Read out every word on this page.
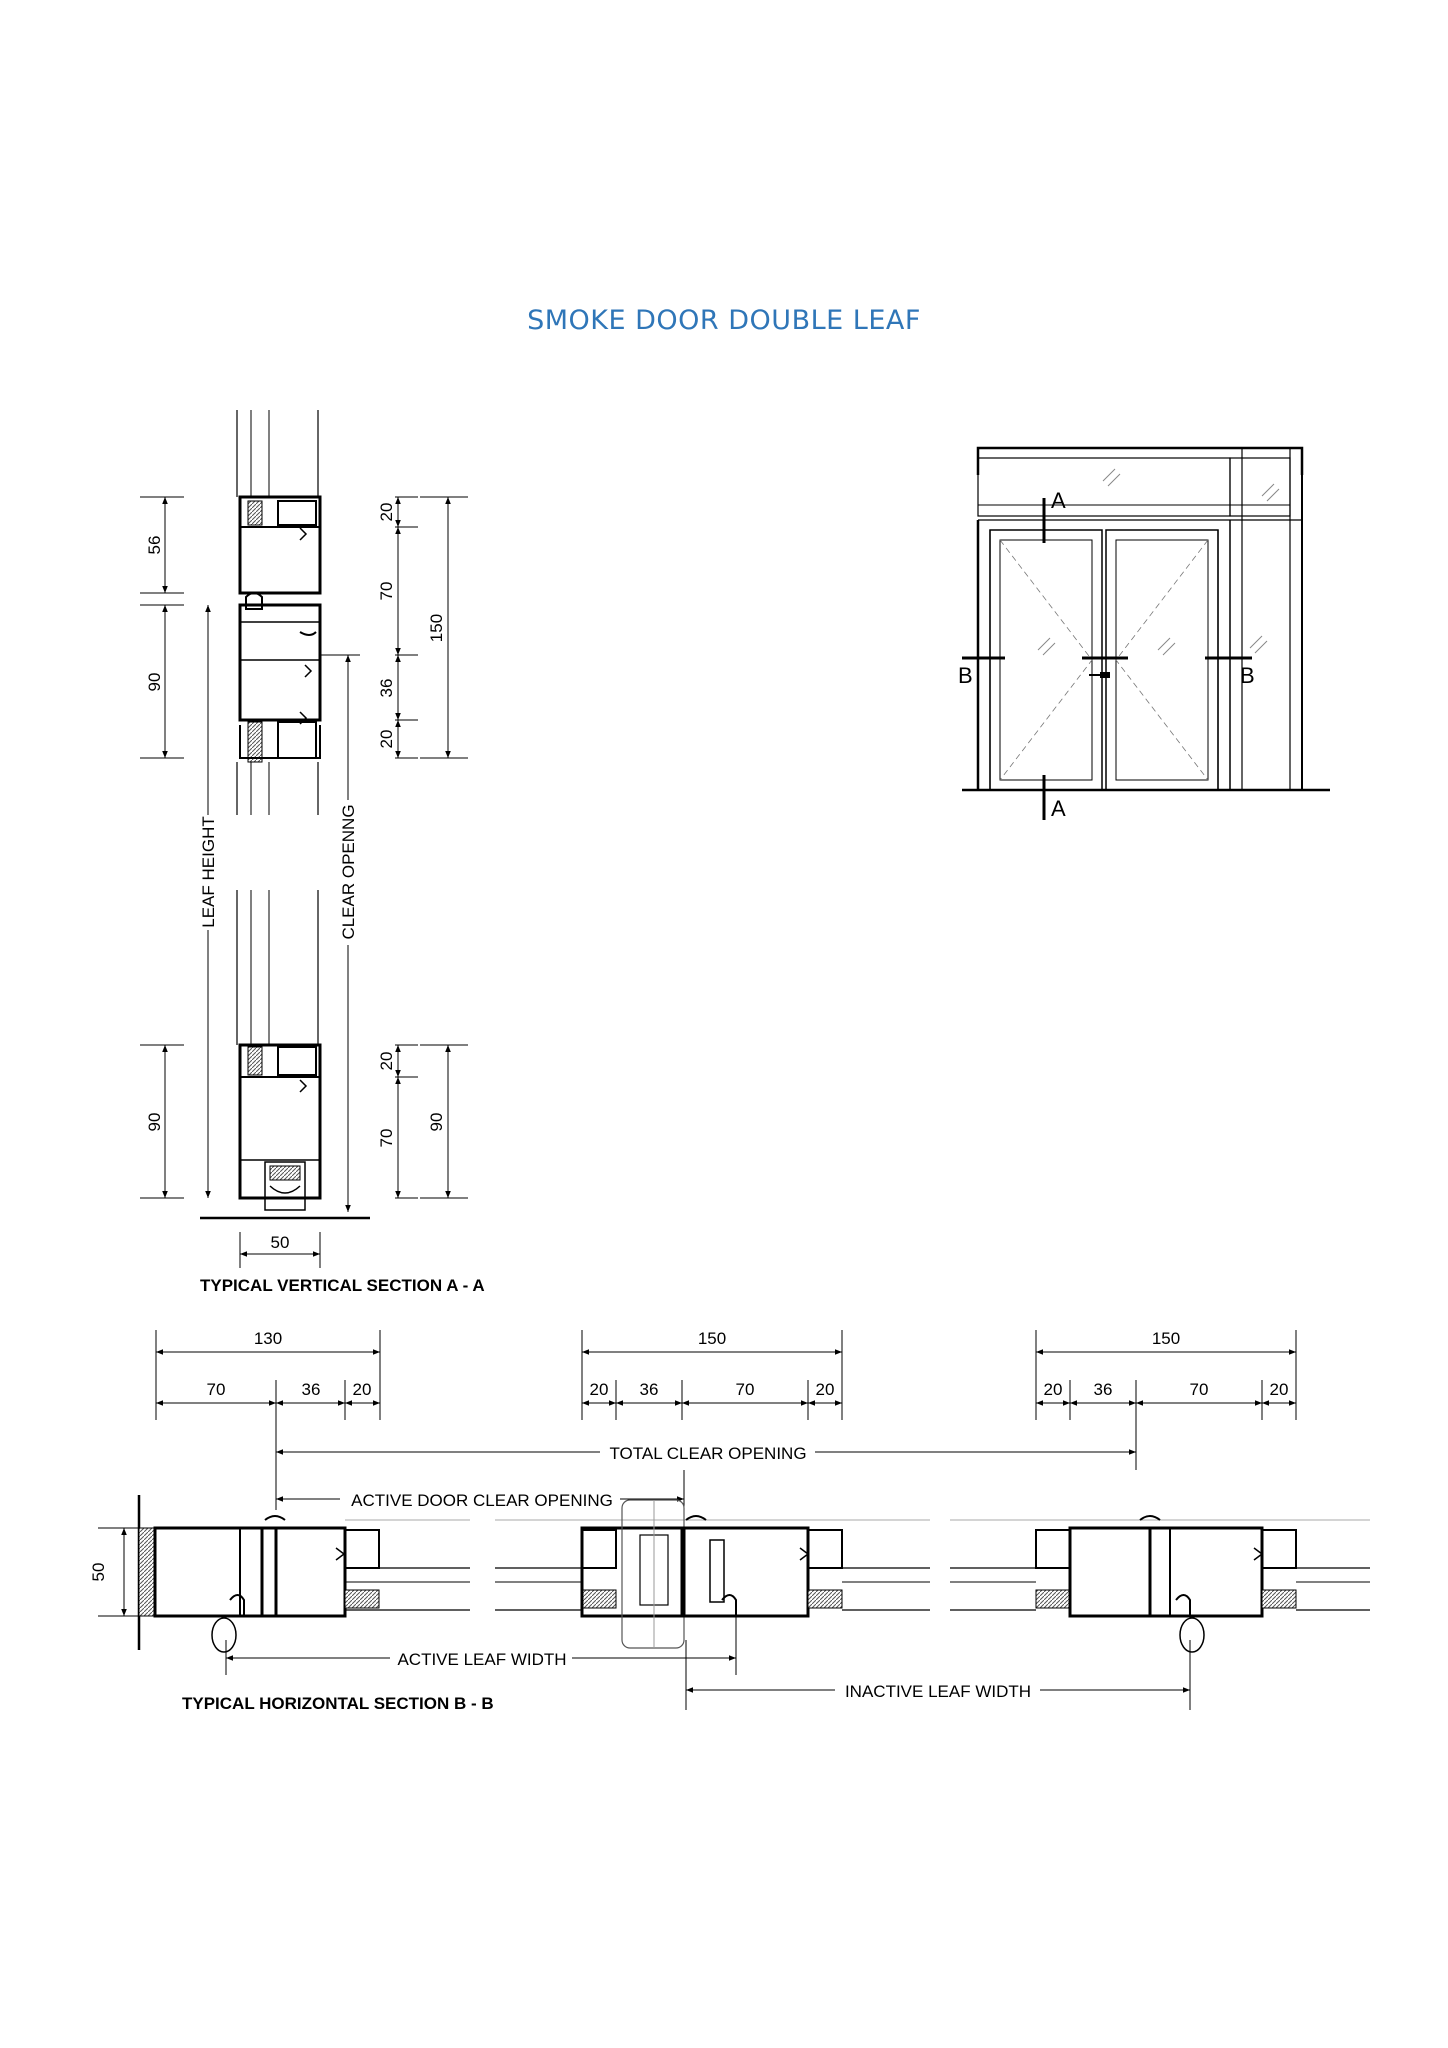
SMOKE DOOR DOUBLE LEAF
A
A
B	B
56
90
90
LEAF HEIGHT	CLEAR OPENNG
20
70
36
20
150
20
70
90
50
130
70	36 20
150
20 36	70	20
150
20 36	70	20
TOTAL CLEAR OPENING
ACTIVE DOOR CLEAR OPENING
ACTIVE LEAF WIDTH
INACTIVE LEAF WIDTH
50
TYPICAL VERTICAL SECTION A - A
TYPICAL HORIZONTAL SECTION B - B
